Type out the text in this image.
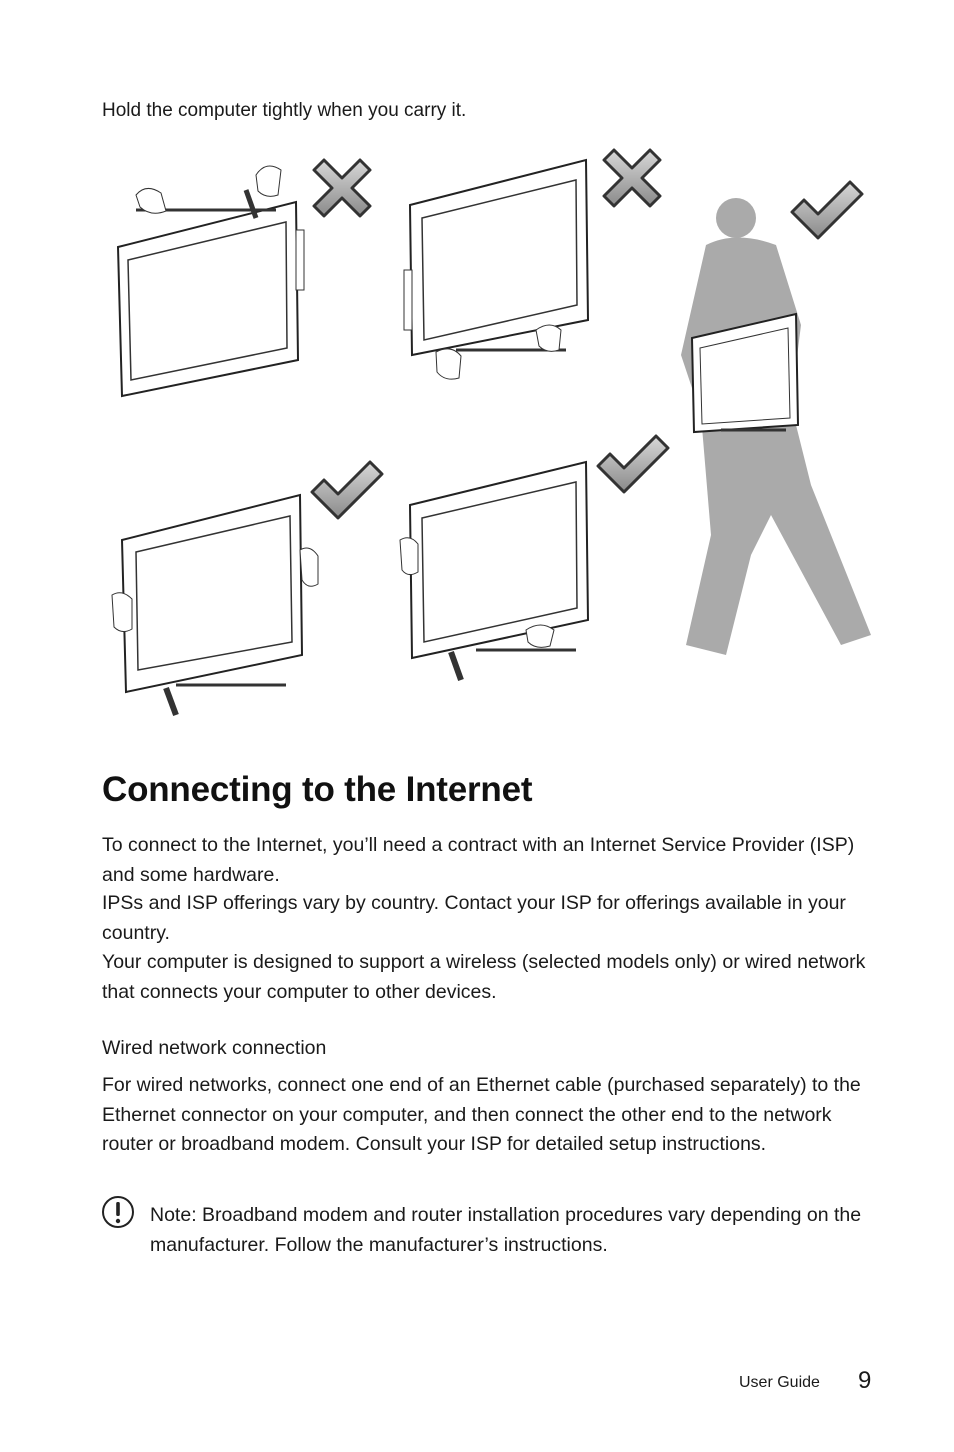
Hold the computer tightly when you carry it.

Connecting to the Internet

To connect to the Internet, you’ll need a contract with an Internet Service Provider (ISP) and some hardware.

IPSs and ISP offerings vary by country. Contact your ISP for offerings available in your country.

Your computer is designed to support a wireless (selected models only) or wired network that connects your computer to other devices.

Wired network connection

For wired networks, connect one end of an Ethernet cable (purchased separately) to the Ethernet connector on your computer, and then connect the other end to the network router or broadband modem. Consult your ISP for detailed setup instructions.

Note: Broadband modem and router installation procedures vary depending on the manufacturer. Follow the manufacturer’s instructions.

User Guide 9
